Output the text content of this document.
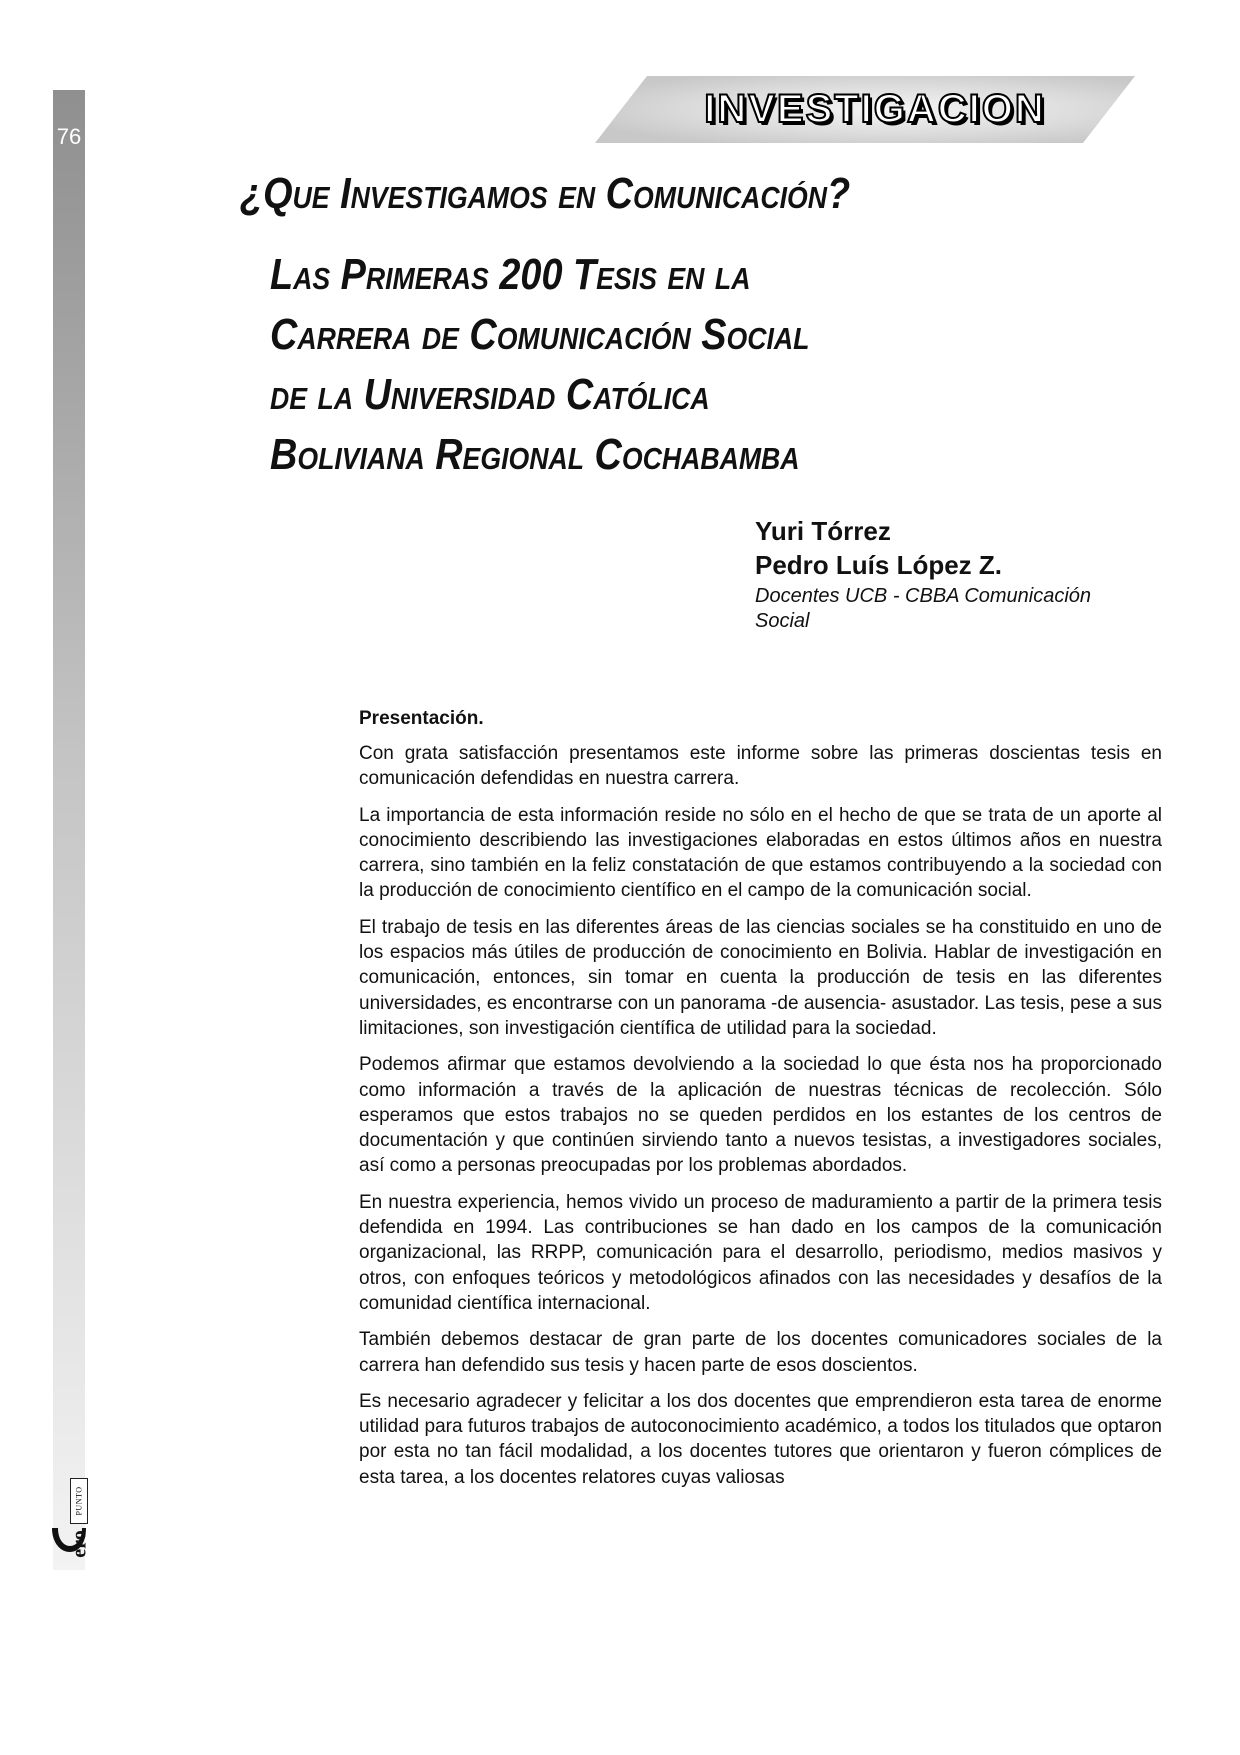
76
PUNTO
ero
INVESTIGACION
¿Que Investigamos en Comunicación?
Las Primeras 200 Tesis en la
Carrera de Comunicación Social
de la Universidad Católica
Boliviana Regional Cochabamba
Yuri Tórrez
Pedro Luís López Z.
Docentes UCB - CBBA Comunicación Social
Presentación.

Con grata satisfacción presentamos este informe sobre las primeras doscientas tesis en comunicación defendidas en nuestra carrera.

La importancia de esta información reside no sólo en el hecho de que se trata de un aporte al conocimiento describiendo las investigaciones elaboradas en estos últimos años en nuestra carrera, sino también en la feliz constatación de que estamos contribuyendo a la sociedad con la producción de conocimiento científico en el campo de la comunicación social.

El trabajo de tesis en las diferentes áreas de las ciencias sociales se ha constituido en uno de los espacios más útiles de producción de conocimiento en Bolivia. Hablar de investigación en comunicación, entonces, sin tomar en cuenta la producción de tesis en las diferentes universidades, es encontrarse con un panorama -de ausencia- asustador. Las tesis, pese a sus limitaciones, son investigación científica de utilidad para la sociedad.

Podemos afirmar que estamos devolviendo a la sociedad lo que ésta nos ha proporcionado como información a través de la aplicación de nuestras técnicas de recolección. Sólo esperamos que estos trabajos no se queden perdidos en los estantes de los centros de documentación y que continúen sirviendo tanto a nuevos tesistas, a investigadores sociales, así como a personas preocupadas por los problemas abordados.

En nuestra experiencia, hemos vivido un proceso de maduramiento a partir de la primera tesis defendida en 1994. Las contribuciones se han dado en los campos de la comunicación organizacional, las RRPP, comunicación para el desarrollo, periodismo, medios masivos y otros, con enfoques teóricos y metodológicos afinados con las necesidades y desafíos de la comunidad científica internacional.

También debemos destacar de gran parte de los docentes comunicadores sociales de la carrera han defendido sus tesis y hacen parte de esos doscientos.

Es necesario agradecer y felicitar a los dos docentes que emprendieron esta tarea de enorme utilidad para futuros trabajos de autoconocimiento académico, a todos los titulados que optaron por esta no tan fácil modalidad, a los docentes tutores que orientaron y fueron cómplices de esta tarea, a los docentes relatores cuyas valiosas
